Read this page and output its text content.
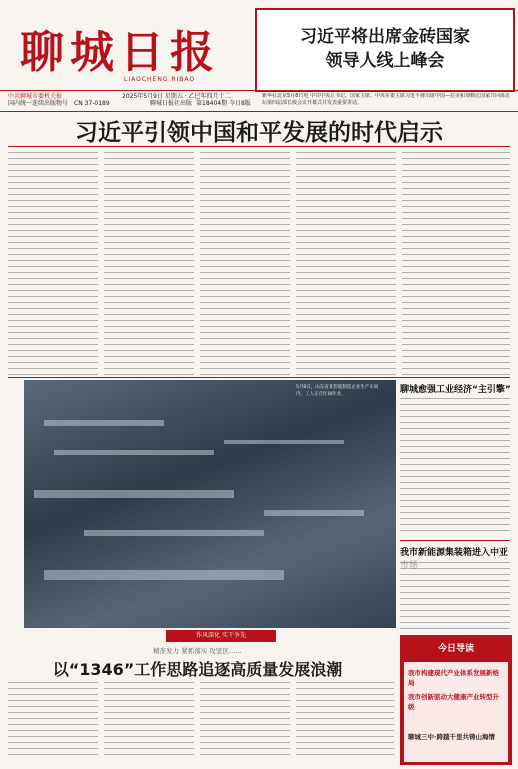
聊城日报
LIAOCHENG RIBAO
习近平将出席金砖国家
领导人线上峰会
中共聊城市委机关报
国内统一连续出版物号 CN 37-0189
2025年5月9日 星期五 · 乙巳年四月十二
聊城日报社出版 第18404期 今日8版
新华社北京5月8日电 中共中央总书记、国家主席、中央军委主席习近平将出席中国—拉美和加勒比国家共同体论坛第四届部长级会议开幕式并发表重要讲话。
习近平引领中国和平发展的时代启示
5月8日，山东省某智能制造企业生产车间内，工人正在忙碌作业。
作风深化 实干争先
精准发力 紧抓落实 攻坚区……
以“1346”工作思路追逐高质量发展浪潮
聊城愈强工业经济“主引擎”
我市新能源集装箱进入中亚
今日导读
我市构建现代产业体系发展新格局
我市创新驱动大健康产业转型升级
聊城三中·跨越千里共铸山海情
